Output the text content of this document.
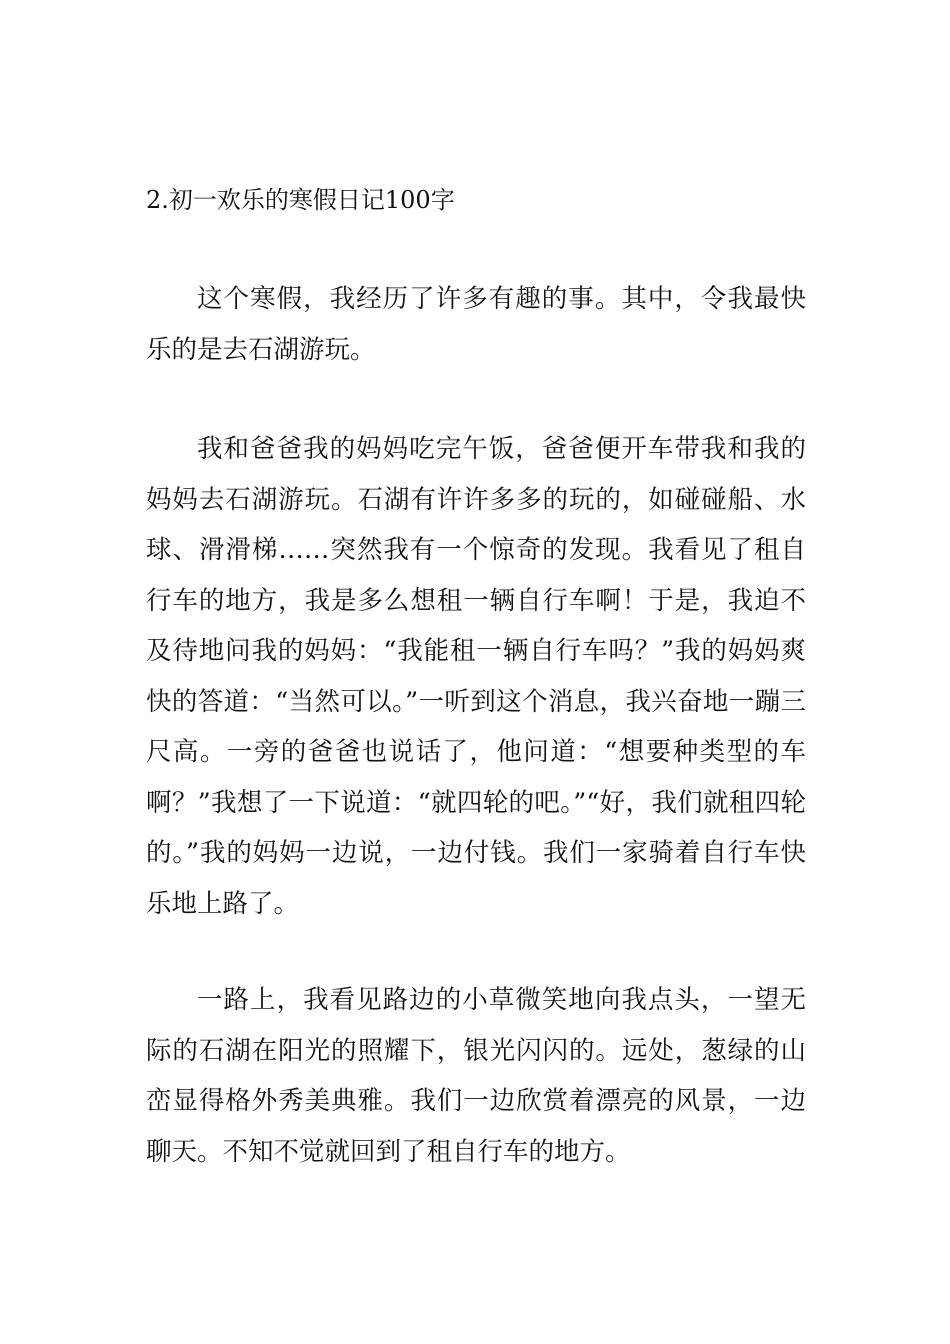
2.初一欢乐的寒假日记100字

这个寒假，我经历了许多有趣的事。其中，令我最快乐的是去石湖游玩。

我和爸爸我的妈妈吃完午饭，爸爸便开车带我和我的妈妈去石湖游玩。石湖有许许多多的玩的，如碰碰船、水球、滑滑梯……突然我有一个惊奇的发现。我看见了租自行车的地方，我是多么想租一辆自行车啊！于是，我迫不及待地问我的妈妈：“我能租一辆自行车吗？”我的妈妈爽快的答道：“当然可以。”一听到这个消息，我兴奋地一蹦三尺高。一旁的爸爸也说话了，他问道：“想要种类型的车啊？”我想了一下说道：“就四轮的吧。”“好，我们就租四轮的。”我的妈妈一边说，一边付钱。我们一家骑着自行车快乐地上路了。

一路上，我看见路边的小草微笑地向我点头，一望无际的石湖在阳光的照耀下，银光闪闪的。远处，葱绿的山峦显得格外秀美典雅。我们一边欣赏着漂亮的风景，一边聊天。不知不觉就回到了租自行车的地方。
